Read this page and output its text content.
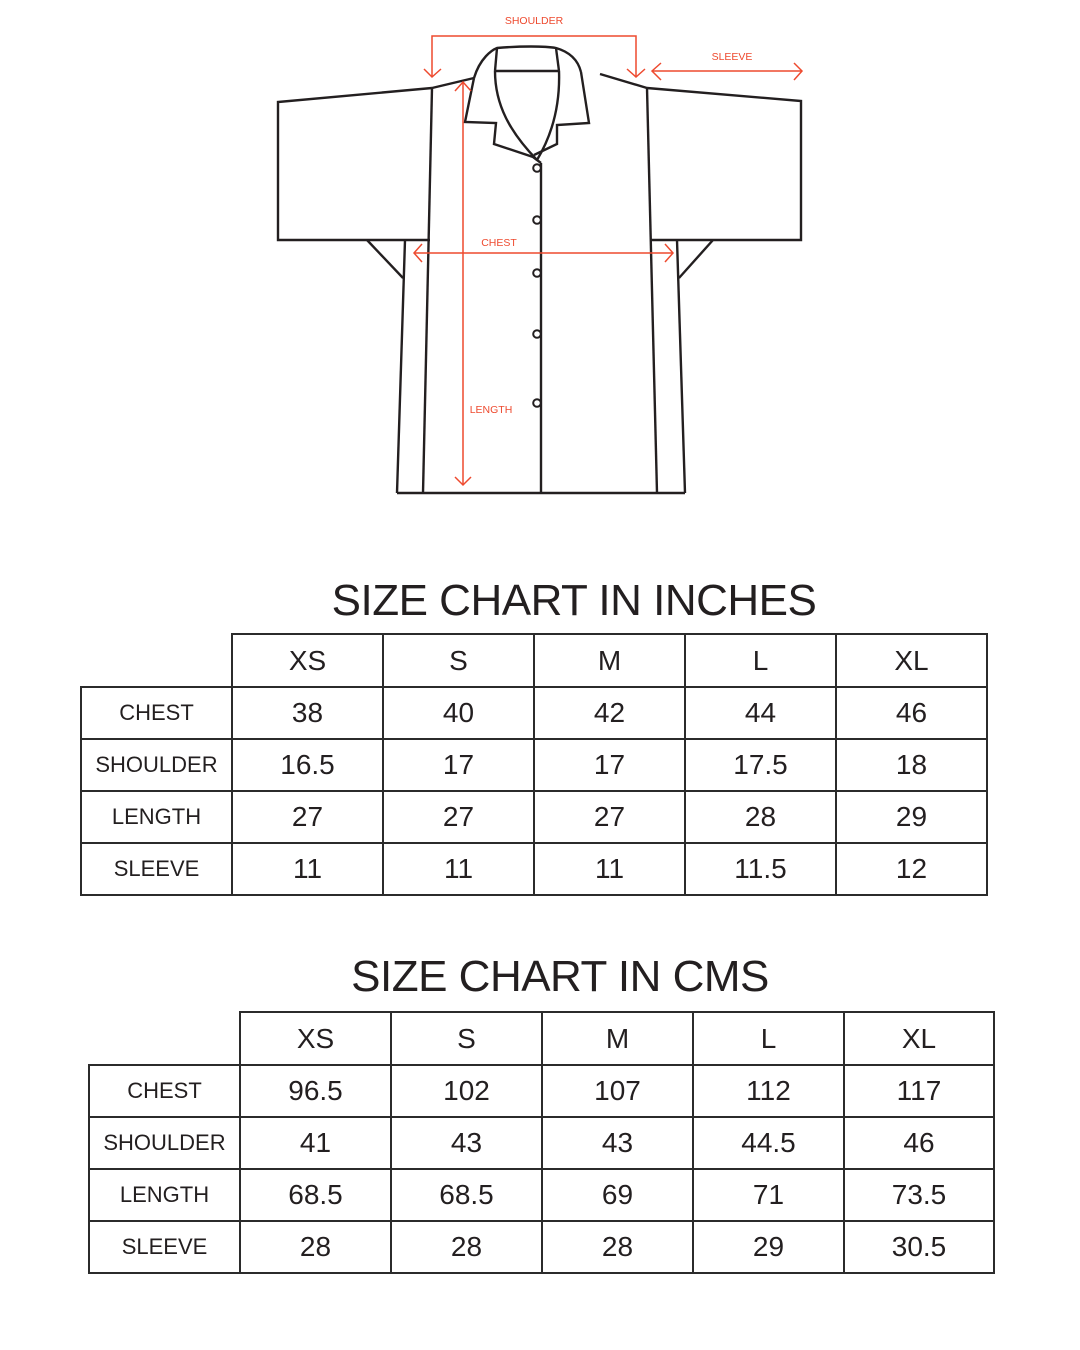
SHOULDER
SLEEVE
CHEST
LENGTH
SIZE CHART IN INCHES
	XS	S	M	L	XL
CHEST	38	40	42	44	46
SHOULDER	16.5	17	17	17.5	18
LENGTH	27	27	27	28	29
SLEEVE	11	11	11	11.5	12
SIZE CHART IN CMS
	XS	S	M	L	XL
CHEST	96.5	102	107	112	117
SHOULDER	41	43	43	44.5	46
LENGTH	68.5	68.5	69	71	73.5
SLEEVE	28	28	28	29	30.5
